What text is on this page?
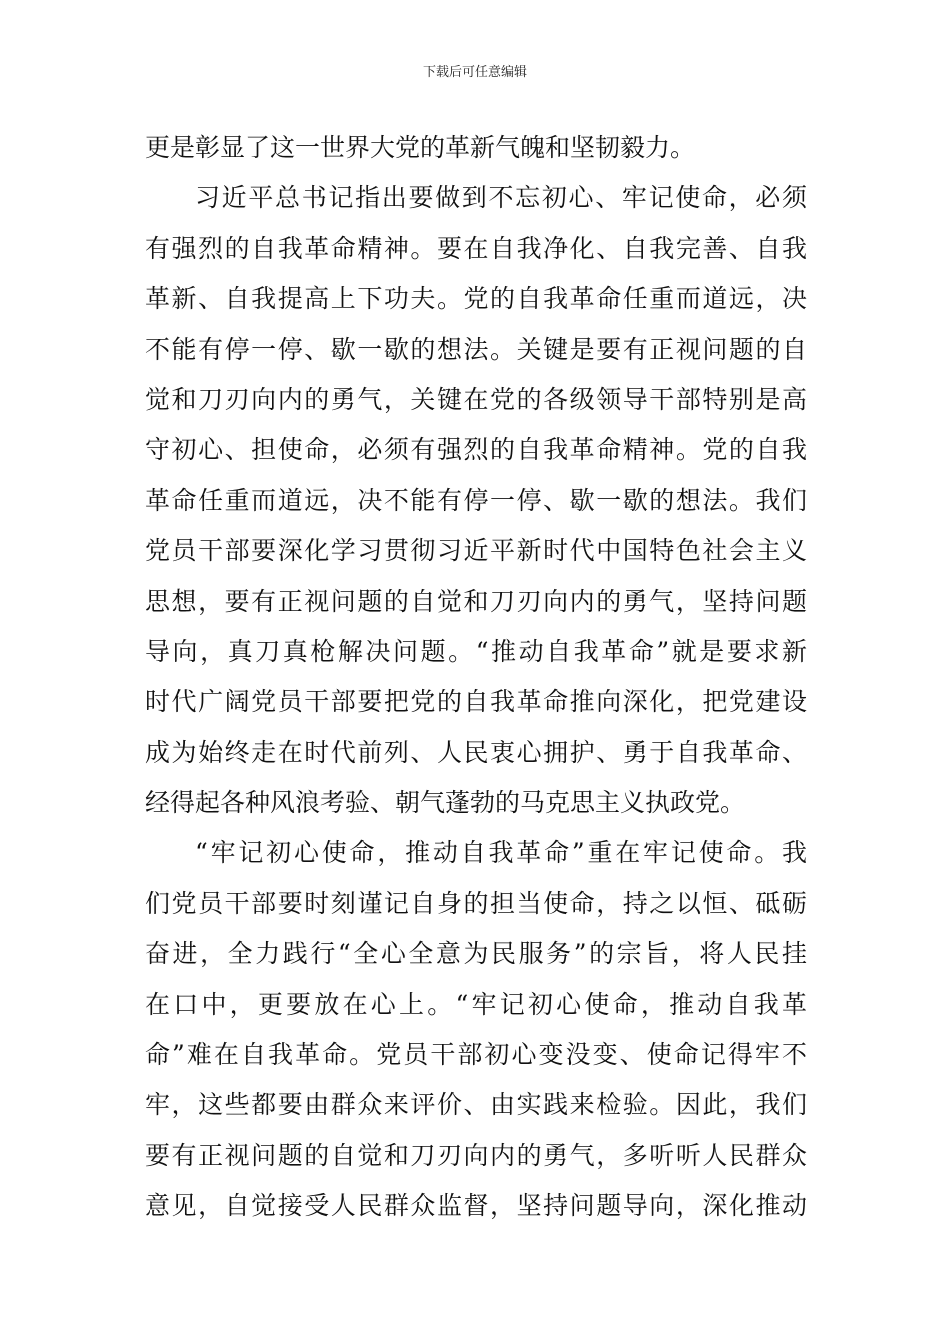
下载后可任意编辑
更是彰显了这一世界大党的革新气魄和坚韧毅力。
习近平总书记指出要做到不忘初心、牢记使命，必须
有强烈的自我革命精神。要在自我净化、自我完善、自我
革新、自我提高上下功夫。党的自我革命任重而道远，决
不能有停一停、歇一歇的想法。关键是要有正视问题的自
觉和刀刃向内的勇气，关键在党的各级领导干部特别是高
守初心、担使命，必须有强烈的自我革命精神。党的自我
革命任重而道远，决不能有停一停、歇一歇的想法。我们
党员干部要深化学习贯彻习近平新时代中国特色社会主义
思想，要有正视问题的自觉和刀刃向内的勇气，坚持问题
导向，真刀真枪解决问题。“推动自我革命”就是要求新
时代广阔党员干部要把党的自我革命推向深化，把党建设
成为始终走在时代前列、人民衷心拥护、勇于自我革命、
经得起各种风浪考验、朝气蓬勃的马克思主义执政党。
“牢记初心使命，推动自我革命”重在牢记使命。我
们党员干部要时刻谨记自身的担当使命，持之以恒、砥砺
奋进，全力践行“全心全意为民服务”的宗旨，将人民挂
在口中，更要放在心上。“牢记初心使命，推动自我革
命”难在自我革命。党员干部初心变没变、使命记得牢不
牢，这些都要由群众来评价、由实践来检验。因此，我们
要有正视问题的自觉和刀刃向内的勇气，多听听人民群众
意见，自觉接受人民群众监督，坚持问题导向，深化推动
